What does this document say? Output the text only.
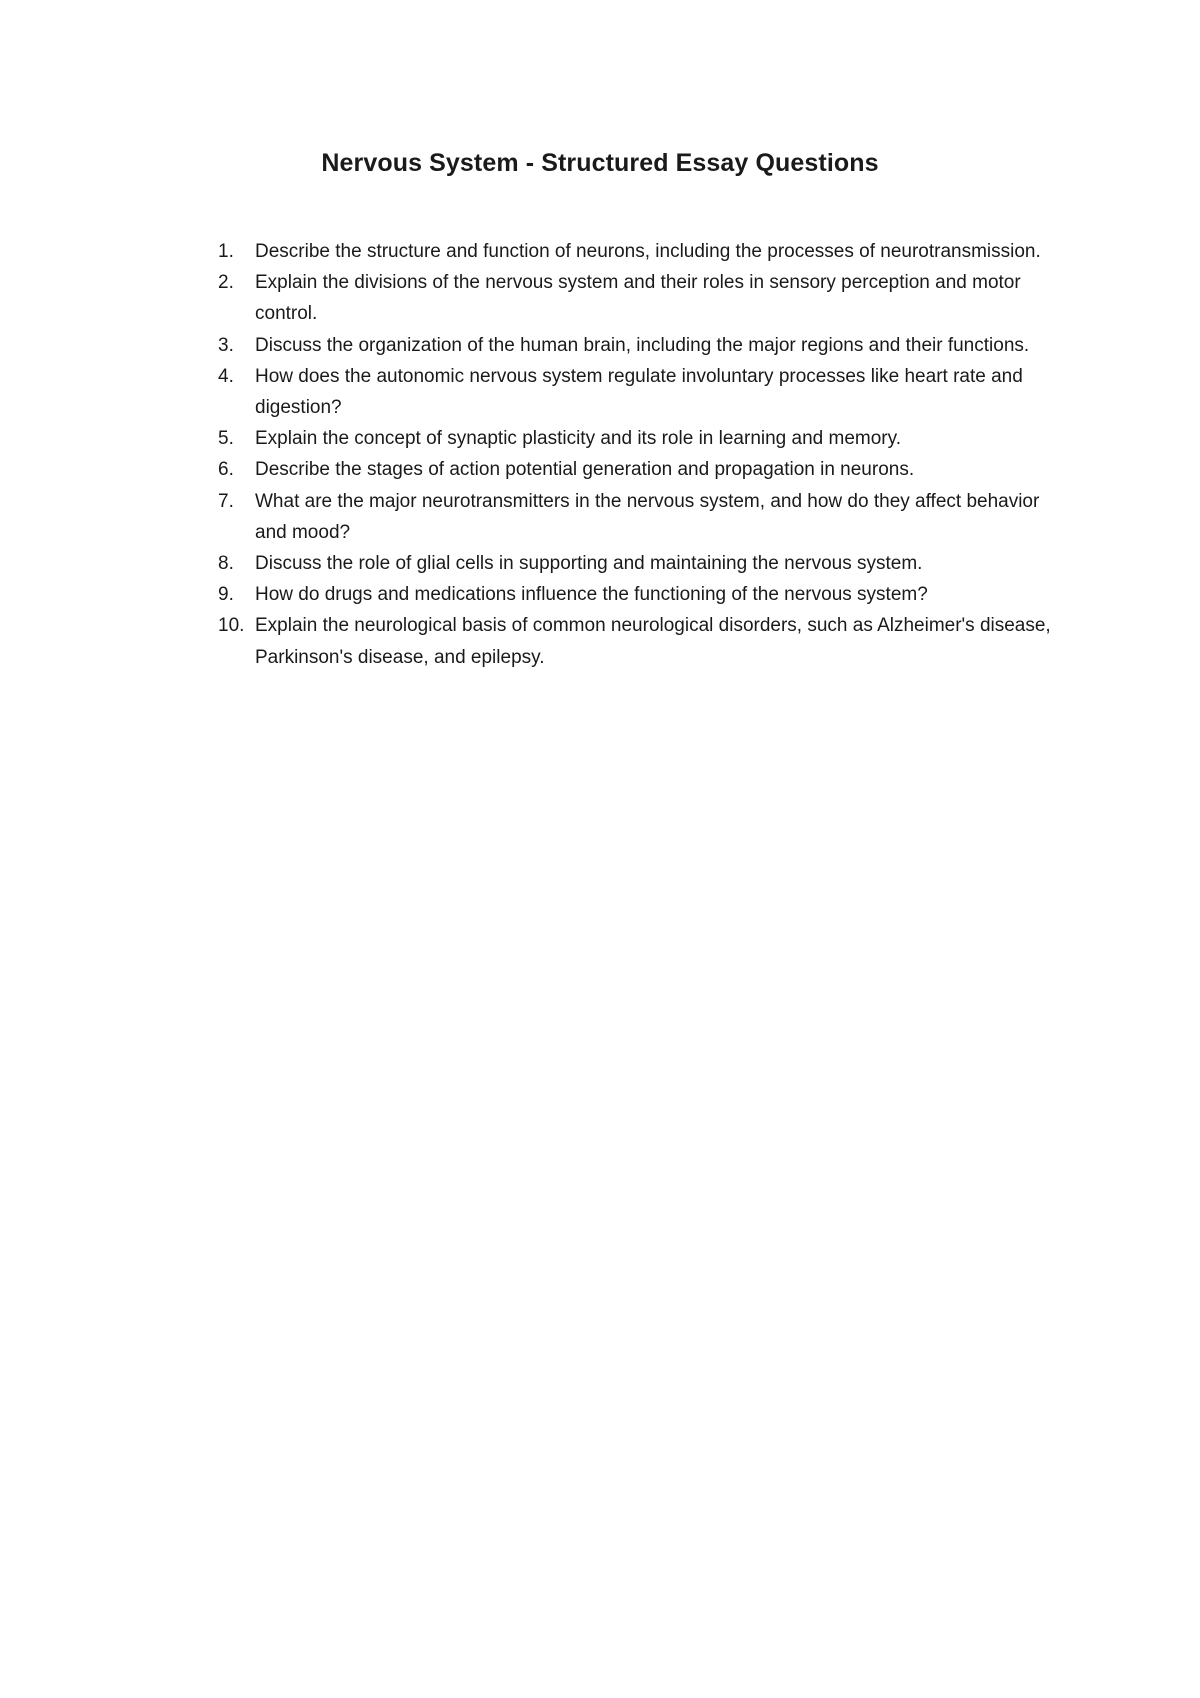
Nervous System - Structured Essay Questions
1. Describe the structure and function of neurons, including the processes of neurotransmission.
2. Explain the divisions of the nervous system and their roles in sensory perception and motor control.
3. Discuss the organization of the human brain, including the major regions and their functions.
4. How does the autonomic nervous system regulate involuntary processes like heart rate and digestion?
5. Explain the concept of synaptic plasticity and its role in learning and memory.
6. Describe the stages of action potential generation and propagation in neurons.
7. What are the major neurotransmitters in the nervous system, and how do they affect behavior and mood?
8. Discuss the role of glial cells in supporting and maintaining the nervous system.
9. How do drugs and medications influence the functioning of the nervous system?
10. Explain the neurological basis of common neurological disorders, such as Alzheimer's disease, Parkinson's disease, and epilepsy.
